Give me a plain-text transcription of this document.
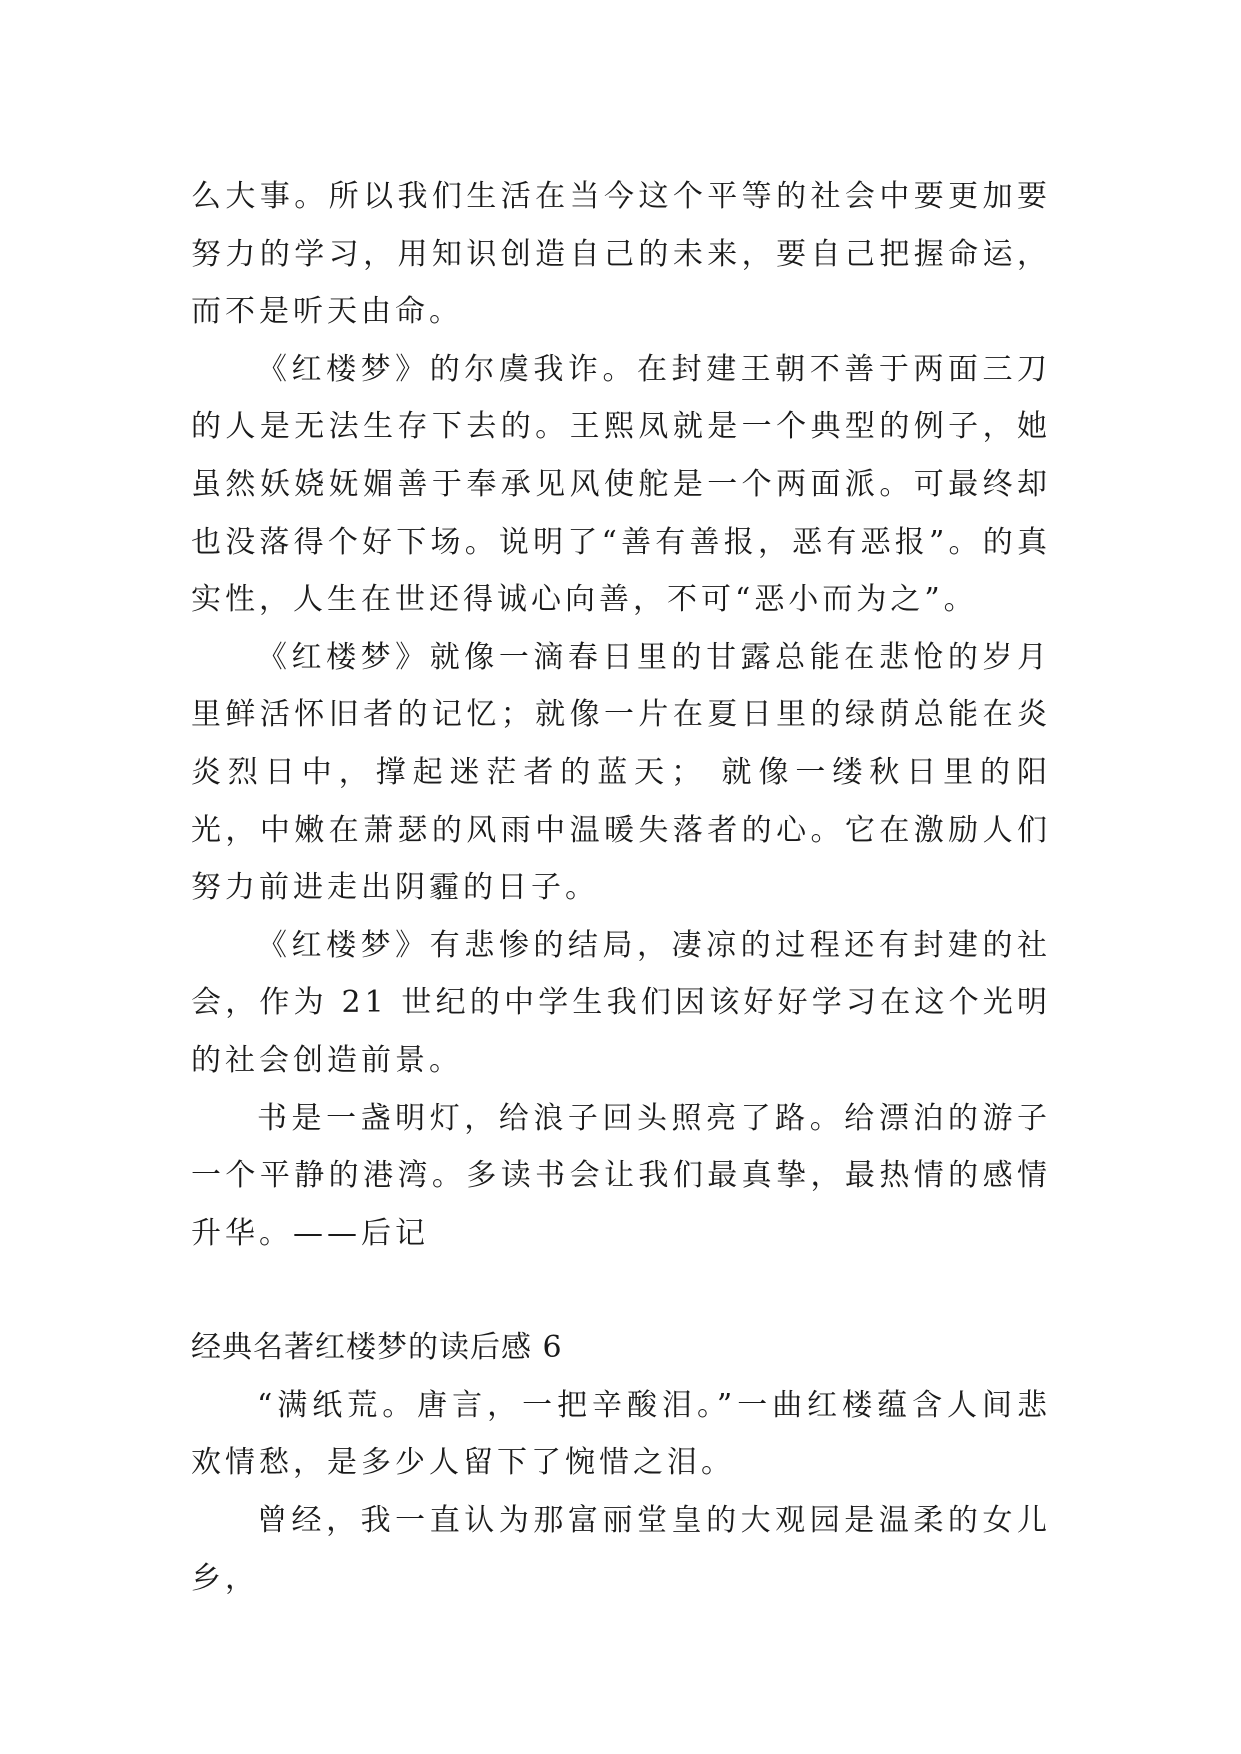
么大事。所以我们生活在当今这个平等的社会中要更加要努力的学习，用知识创造自己的未来，要自己把握命运，而不是听天由命。

《红楼梦》的尔虞我诈。在封建王朝不善于两面三刀的人是无法生存下去的。王熙凤就是一个典型的例子，她虽然妖娆妩媚善于奉承见风使舵是一个两面派。可最终却也没落得个好下场。说明了“善有善报，恶有恶报”。的真实性，人生在世还得诚心向善，不可“恶小而为之”。

《红楼梦》就像一滴春日里的甘露总能在悲怆的岁月里鲜活怀旧者的记忆；就像一片在夏日里的绿荫总能在炎炎烈日中，撑起迷茫者的蓝天； 就像一缕秋日里的阳光，中嫩在萧瑟的风雨中温暖失落者的心。它在激励人们努力前进走出阴霾的日子。

《红楼梦》有悲惨的结局，凄凉的过程还有封建的社会，作为 21 世纪的中学生我们因该好好学习在这个光明的社会创造前景。

书是一盏明灯，给浪子回头照亮了路。给漂泊的游子一个平静的港湾。多读书会让我们最真挚，最热情的感情升华。——后记

经典名著红楼梦的读后感 6

“满纸荒。唐言，一把辛酸泪。”一曲红楼蕴含人间悲欢情愁，是多少人留下了惋惜之泪。

曾经，我一直认为那富丽堂皇的大观园是温柔的女儿乡，
